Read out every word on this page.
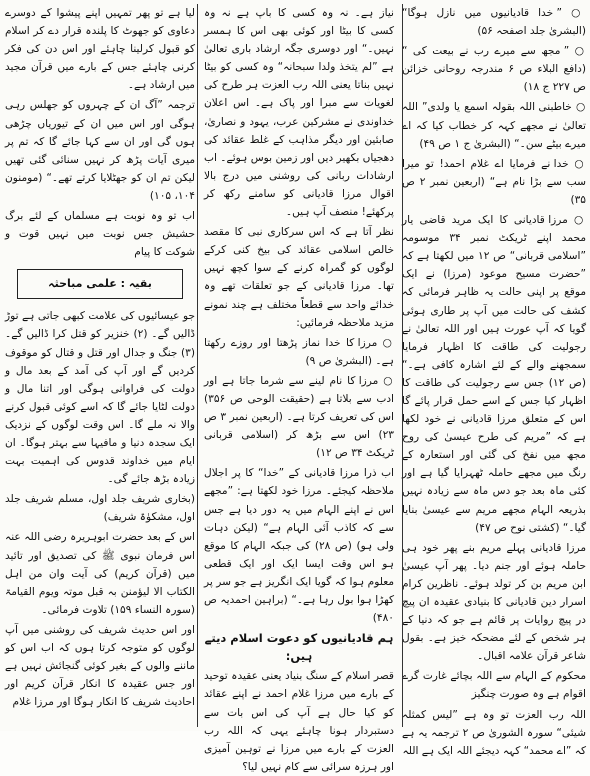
○ ” خدا قادیانیوں میں نازل ہوگا“ (البشریٰ جلد اصفحہ ۵۶)
○ ” مجھ سے میرے رب نے بیعت کی “ (دافع البلاء ص ۶ مندرجہ روحانی خزائن ص ۲۲۷ ج ۱۸)
○ خاطبنی اللہ بقولہ اسمع یا ولدی” اللہ تعالیٰ نے مجھے کہہ کر خطاب کیا کہ اے میرے بیٹے سن۔“ (البشریٰ ج ۱ ص ۴۹)
○ خدا نے فرمایا اے غلام احمد! تو میرا سب سے بڑا نام ہے“ (اربعین نمبر ۲ ص ۳۵)
○ مرزا قادیانی کا ایک مرید قاضی یار محمد اپنے ٹریکٹ نمبر ۳۴ موسومہ ”اسلامی قربانی“ ص ۱۲ میں لکھتا ہے کہ ”حضرت مسیح موعود (مرزا) نے ایک موقع پر اپنی حالت یہ ظاہر فرمائی کہ کشف کی حالت میں آپ پر طاری ہوئی گویا کہ آپ عورت ہیں اور اللہ تعالیٰ نے رجولیت کی طاقت کا اظہار فرمایا سمجھنے والے کے لئے اشارہ کافی ہے۔“ (ص ۱۲) جس سے رجولیت کی طاقت کا اظہار کیا جس کے اسے حمل قرار پائے گا اس کے متعلق مرزا قادیانی نے خود لکھا ہے کہ ”مریم کی طرح عیسیٰ کی روح مجھ میں نفخ کی گئی اور استعارہ کے رنگ میں مجھے حاملہ ٹھہرایا گیا ہے اور کئی ماہ بعد جو دس ماہ سے زیادہ نہیں بذریعہ الہام مجھے مریم سے عیسیٰ بنایا گیا۔“ (کشتی نوح ص ۴۷)
مرزا قادیانی پہلے مریم بنے پھر خود ہی حاملہ ہوئے اور جنم دیا۔ پھر آپ عیسیٰ ابن مریم بن کر تولد ہوئے۔ ناظرین کرام اسرار دین قادیانی کا بنیادی عقیدہ ان پیچ در پیچ روایات پر قائم ہے جو کہ دنیا کے ہر شخص کے لئے مضحکہ خیز ہے۔ بقول شاعر قرآن علامہ اقبال۔
محکوم کے الہام سے اللہ بچائے غارت گرے اقوام ہے وہ صورت چنگیز
اللہ رب العزت تو وہ ہے ”لیس کمثلہ شیئی“ سورہ الشوریٰ ص ۲ ترجمہ یہ ہے کہ ”اے محمد“ کہہ دیجئے اللہ ایک ہے اللہ
نیاز ہے۔ نہ وہ کسی کا باپ ہے نہ وہ کسی کا بیٹا اور کوئی بھی اس کا ہمسر نہیں۔“ اور دوسری جگہ ارشاد باری تعالیٰ ہے ”لم یتخذ ولدا سبحانہ“ وہ کسی کو بیٹا نہیں بناتا یعنی اللہ رب العزت ہر طرح کی لغویات سے مبرا اور پاک ہے۔ اس اعلان خداوندی نے مشرکین عرب، یہود و نصاریٰ، صابئین اور دیگر مذاہب کے غلط عقائد کی دھجیاں بکھیر دیں اور زمین بوس ہوئے۔ اب ارشادات ربانی کی روشنی میں درج بالا اقوال مرزا قادیانی کو سامنے رکھ کر پرکھئے! منصف آپ ہیں۔
نظر آتا ہے کہ اس سرکاری نبی کا مقصد خالص اسلامی عقائد کی بیخ کنی کرکے لوگوں کو گمراہ کرنے کے سوا کچھ نہیں تھا۔ مرزا قادیانی کے جو تعلقات تھے وہ خدائے واحد سے قطعاً مختلف ہے چند نمونے مزید ملاحظہ فرمائیں:
○ مرزا کا خدا نماز پڑھتا اور روزے رکھتا ہے۔ (البشریٰ ص ۹)
○ مرزا کا نام لینے سے شرما جاتا ہے اور ادب سے بلاتا ہے (حقیقت الوحی ص ۳۵۶) اس کی تعریف کرتا ہے۔ (اربعین نمبر ۳ ص ۲۳) اس سے بڑھ کر (اسلامی قربانی ٹریکٹ ۳۴ ص ۱۲)
اب ذرا مرزا قادیانی کے ”خدا“ کا پر اجلال ملاحظہ کیجئے۔ مرزا خود لکھتا ہے: ”مجھے اس نے اپنے الہام میں یہ دور دیا ہے جس سے کہ کاذب آئی الہام ہے“ (لیکن دہات ولی ہو) (ص ۲۸) کی جبکہ الہام کا موقع ہو اس وقت ایسا ایک اور ایک قطعی معلوم ہوا کہ گویا ایک انگریز ہے جو سر پر کھڑا ہوا بول رہا ہے۔“ (براہین احمدیہ ص ۴۸۰)
ہم قادیانیوں کو دعوت اسلام دیتے ہیں:
قصر اسلام کے سنگ بنیاد یعنی عقیدہ توحید کے بارے میں مرزا غلام احمد نے اپنے عقائد کو کیا حال ہے آپ کی اس بات سے دستبردار ہونا چاہئے یہی کہ اللہ رب العزت کے بارے میں مرزا نے توہین آمیزی اور ہرزہ سرائی سے کام نہیں لیا؟
لیا ہے تو پھر تمہیں اپنے پیشوا کے دوسرے دعاوی کو جھوٹ کا پلندہ قرار دے کر اسلام کو قبول کرلینا چاہئے اور اس دن کی فکر کرنی چاہئے جس کے بارے میں قرآن مجید میں ارشاد ہے۔
ترجمہ ”آگ ان کے چہروں کو جھلس رہی ہوگی اور اس میں ان کے تیوریاں چڑھی ہوں گی اور ان سے کہا جائے گا کہ تم پر میری آیات پڑھ کر نہیں سنائی گئی تھیں لیکن تم ان کو جھٹلایا کرتے تھے۔“ (مومنون ۱۰۴، ۱۰۵)
اب تو وہ نوبت ہے مسلماں کے لئے برگ حشیش جس نوبت میں نہیں قوت و شوکت کا پیام
بقیہ : علمی مباحثہ
جو عیسائیوں کی علامت کبھی جاتی ہے توڑ ڈالیں گے۔ (۲) خنزیر کو قتل کرا ڈالیں گے۔ (۳) جنگ و جدال اور قتل و قتال کو موقوف کردیں گے اور آپ کی آمد کے بعد مال و دولت کی فراوانی ہوگی اور اتنا مال و دولت لٹایا جائے گا کہ اسے کوئی قبول کرنے والا نہ ملے گا۔ اس وقت لوگوں کے نزدیک ایک سجدہ دنیا و مافیہا سے بہتر ہوگا۔ ان ایام میں خداوند قدوس کی اہمیت بہت زیادہ بڑھ جائے گی۔
(بخاری شریف جلد اول، مسلم شریف جلد اول، مشکوٰۃ شریف)
اس کے بعد حضرت ابوہریرہ رضی اللہ عنہ اس فرمان نبوی ﷺ کی تصدیق اور تائید میں (قرآن کریم) کی آیت وان من اہل الکتاب الا لیؤمنن بہ قبل موتہ ویوم القیامۃ (سورہ النساء ۱۵۹) تلاوت فرمائی۔
اور اس حدیث شریف کی روشنی میں آپ لوگوں کو متوجہ کرتا ہوں کہ اب اس کو ماننے والوں کے بغیر کوئی گنجائش نہیں ہے اور جس عقیدہ کا انکار قرآن کریم اور احادیث شریف کا انکار ہوگا اور مرزا غلام
